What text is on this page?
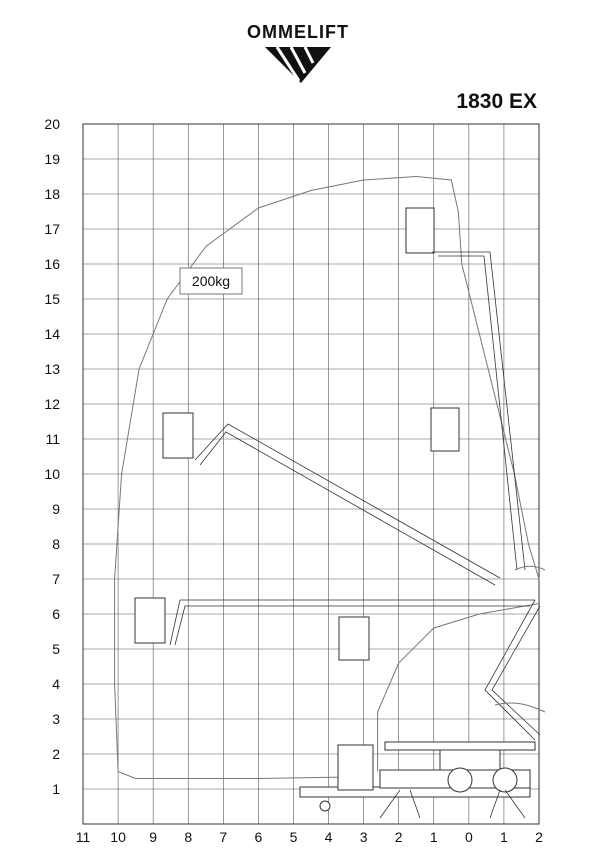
OMMELIFT
1830 EX
1
2
3
4
5
6
7
8
9
10
11
12
13
14
15
16
17
18
19
20
11 10 9 8 7 6 5 4 3 2 1 0 1 2
200kg
